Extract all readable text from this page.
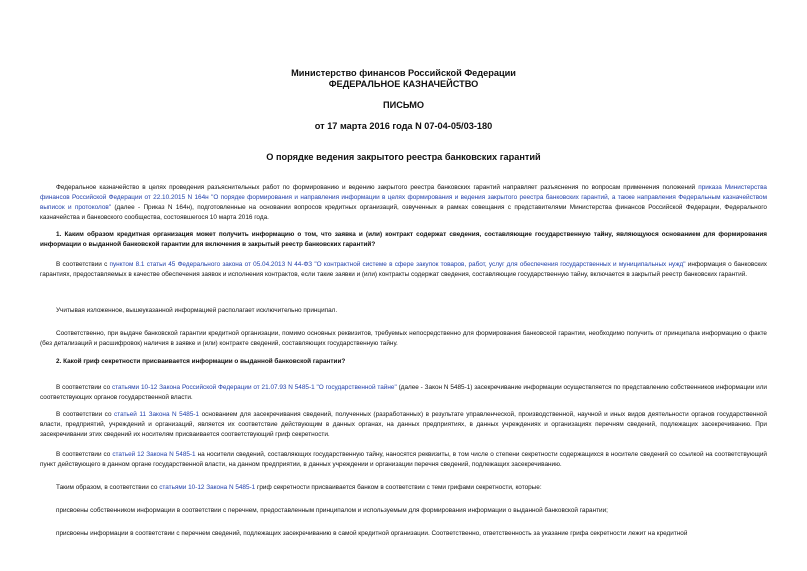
Министерство финансов Российской Федерации
ФЕДЕРАЛЬНОЕ КАЗНАЧЕЙСТВО
ПИСЬМО
от 17 марта 2016 года N 07-04-05/03-180
О порядке ведения закрытого реестра банковских гарантий
Федеральное казначейство в целях проведения разъяснительных работ по формированию и ведению закрытого реестра банковских гарантий направляет разъяснения по вопросам применения положений приказа Министерства финансов Российской Федерации от 22.10.2015 N 164н "О порядке формирования и направления информации в целях формирования и ведения закрытого реестра банковских гарантий, а также направления Федеральным казначейством выписок и протоколов" (далее - Приказ N 164н), подготовленные на основании вопросов кредитных организаций, озвученных в рамках совещания с представителями Министерства финансов Российской Федерации, Федерального казначейства и банковского сообщества, состоявшегося 10 марта 2016 года.
1. Каким образом кредитная организация может получить информацию о том, что заявка и (или) контракт содержат сведения, составляющие государственную тайну, являющуюся основанием для формирования информации о выданной банковской гарантии для включения в закрытый реестр банковских гарантий?
В соответствии с пунктом 8.1 статьи 45 Федерального закона от 05.04.2013 N 44-ФЗ "О контрактной системе в сфере закупок товаров, работ, услуг для обеспечения государственных и муниципальных нужд" информация о банковских гарантиях, предоставляемых в качестве обеспечения заявок и исполнения контрактов, если такие заявки и (или) контракты содержат сведения, составляющие государственную тайну, включается в закрытый реестр банковских гарантий.
Учитывая изложенное, вышеуказанной информацией располагает исключительно принципал.
Соответственно, при выдаче банковской гарантии кредитной организации, помимо основных реквизитов, требуемых непосредственно для формирования банковской гарантии, необходимо получить от принципала информацию о факте (без детализаций и расшифровок) наличия в заявке и (или) контракте сведений, составляющих государственную тайну.
2. Какой гриф секретности присваивается информации о выданной банковской гарантии?
В соответствии со статьями 10-12 Закона Российской Федерации от 21.07.93 N 5485-1 "О государственной тайне" (далее - Закон N 5485-1) засекречивание информации осуществляется по представлению собственников информации или соответствующих органов государственной власти.
В соответствии со статьей 11 Закона N 5485-1 основанием для засекречивания сведений, полученных (разработанных) в результате управленческой, производственной, научной и иных видов деятельности органов государственной власти, предприятий, учреждений и организаций, является их соответствие действующим в данных органах, на данных предприятиях, в данных учреждениях и организациях перечням сведений, подлежащих засекречиванию. При засекречивании этих сведений их носителям присваивается соответствующий гриф секретности.
В соответствии со статьей 12 Закона N 5485-1 на носители сведений, составляющих государственную тайну, наносятся реквизиты, в том числе о степени секретности содержащихся в носителе сведений со ссылкой на соответствующий пункт действующего в данном органе государственной власти, на данном предприятии, в данных учреждении и организации перечня сведений, подлежащих засекречиванию.
Таким образом, в соответствии со статьями 10-12 Закона N 5485-1 гриф секретности присваивается банком в соответствии с теми грифами секретности, которые:
присвоены собственником информации в соответствии с перечнем, предоставленным принципалом и используемым для формирования информации о выданной банковской гарантии;
присвоены информации в соответствии с перечнем сведений, подлежащих засекречиванию в самой кредитной организации. Соответственно, ответственность за указание грифа секретности лежит на кредитной
